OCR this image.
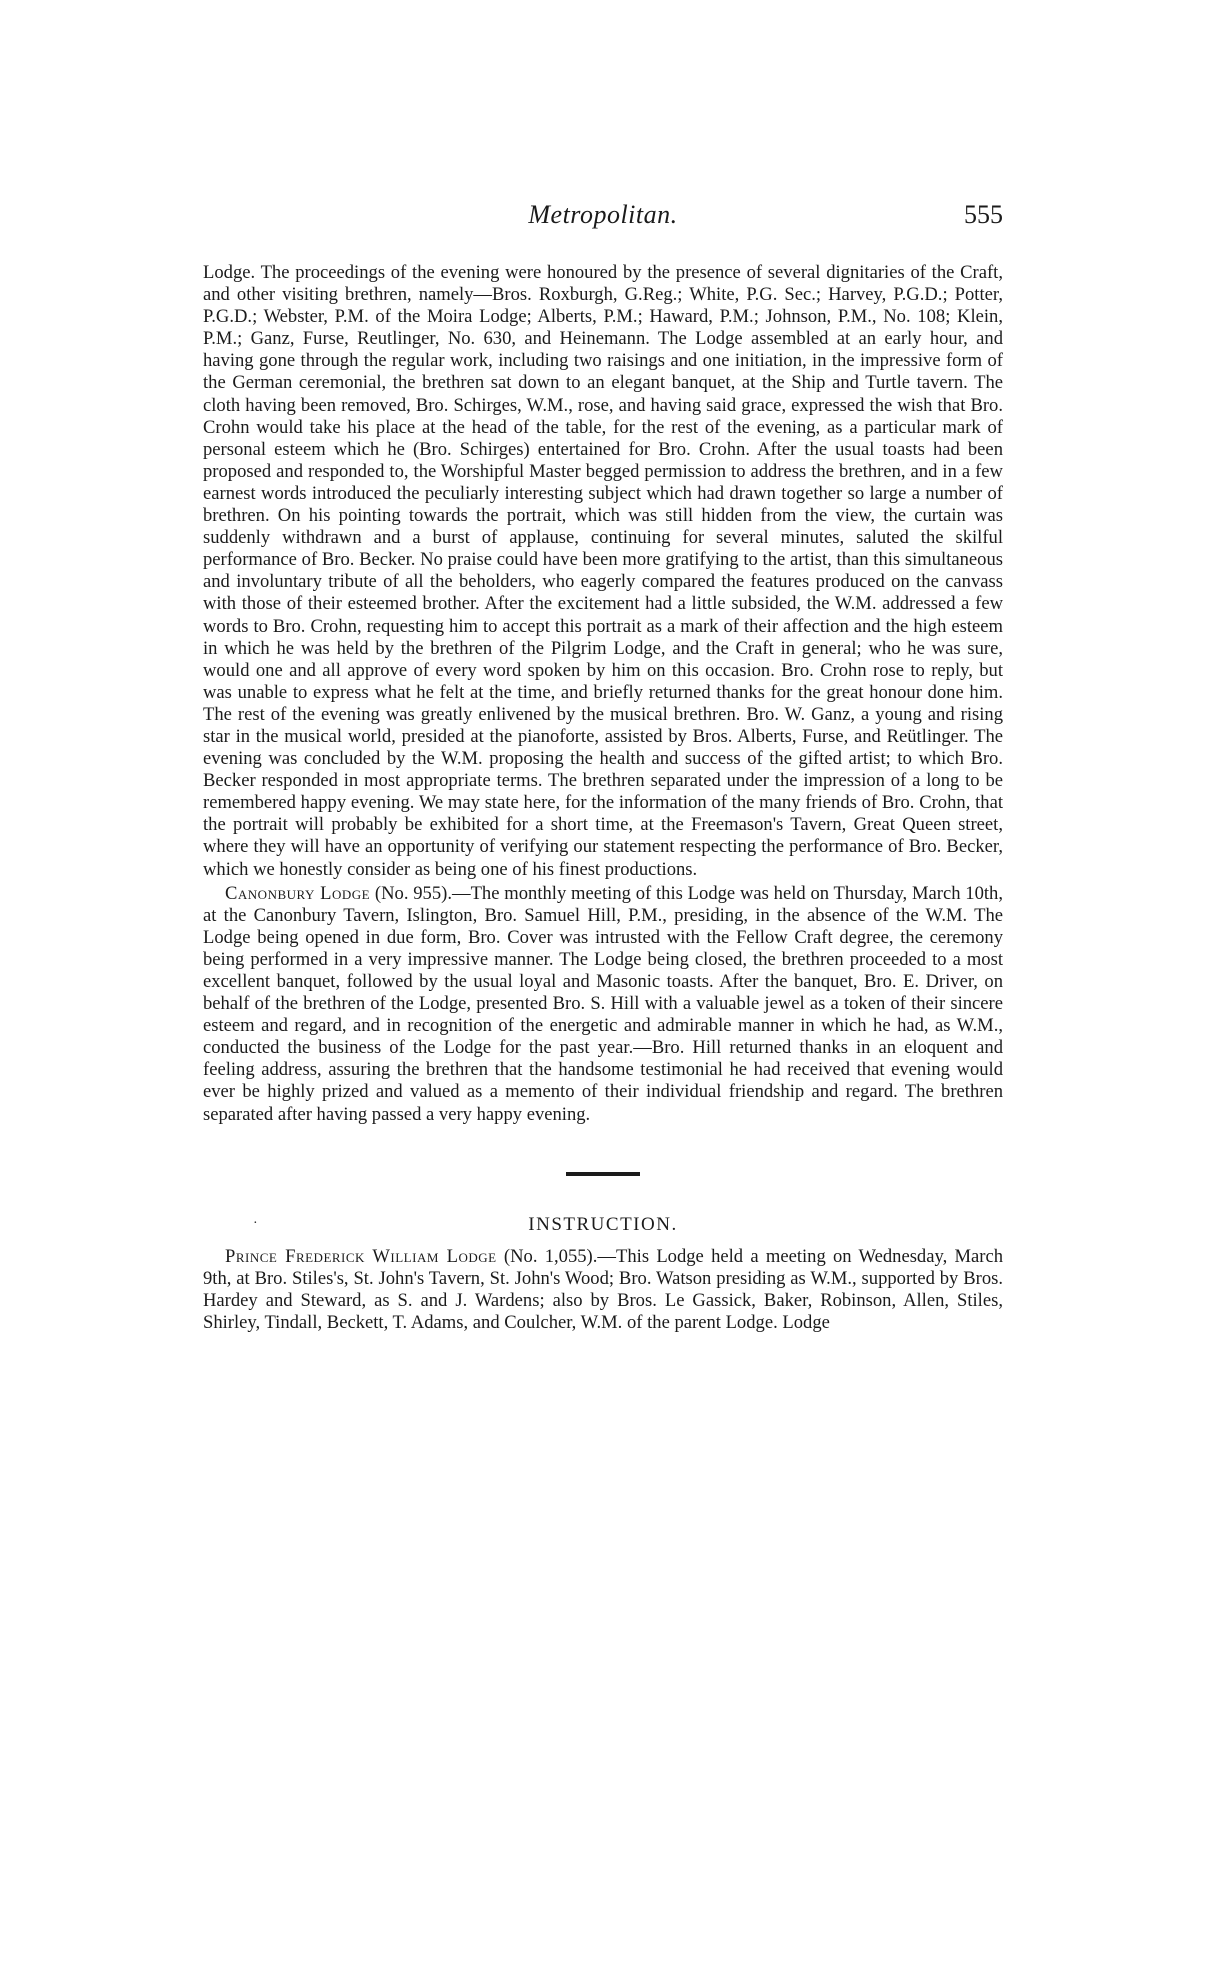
Metropolitan.	555

Lodge. The proceedings of the evening were honoured by the presence of several dignitaries of the Craft, and other visiting brethren, namely—Bros. Roxburgh, G.Reg.; White, P.G. Sec.; Harvey, P.G.D.; Potter, P.G.D.; Webster, P.M. of the Moira Lodge; Alberts, P.M.; Haward, P.M.; Johnson, P.M., No. 108; Klein, P.M.; Ganz, Furse, Reutlinger, No. 630, and Heinemann. The Lodge assembled at an early hour, and having gone through the regular work, including two raisings and one initiation, in the impressive form of the German ceremonial, the brethren sat down to an elegant banquet, at the Ship and Turtle tavern. The cloth having been removed, Bro. Schirges, W.M., rose, and having said grace, expressed the wish that Bro. Crohn would take his place at the head of the table, for the rest of the evening, as a particular mark of personal esteem which he (Bro. Schirges) entertained for Bro. Crohn. After the usual toasts had been proposed and responded to, the Worshipful Master begged permission to address the brethren, and in a few earnest words introduced the peculiarly interesting subject which had drawn together so large a number of brethren. On his pointing towards the portrait, which was still hidden from the view, the curtain was suddenly withdrawn and a burst of applause, continuing for several minutes, saluted the skilful performance of Bro. Becker. No praise could have been more gratifying to the artist, than this simultaneous and involuntary tribute of all the beholders, who eagerly compared the features produced on the canvass with those of their esteemed brother. After the excitement had a little subsided, the W.M. addressed a few words to Bro. Crohn, requesting him to accept this portrait as a mark of their affection and the high esteem in which he was held by the brethren of the Pilgrim Lodge, and the Craft in general; who he was sure, would one and all approve of every word spoken by him on this occasion. Bro. Crohn rose to reply, but was unable to express what he felt at the time, and briefly returned thanks for the great honour done him. The rest of the evening was greatly enlivened by the musical brethren. Bro. W. Ganz, a young and rising star in the musical world, presided at the pianoforte, assisted by Bros. Alberts, Furse, and Reütlinger. The evening was concluded by the W.M. proposing the health and success of the gifted artist; to which Bro. Becker responded in most appropriate terms. The brethren separated under the impression of a long to be remembered happy evening. We may state here, for the information of the many friends of Bro. Crohn, that the portrait will probably be exhibited for a short time, at the Freemason's Tavern, Great Queen street, where they will have an opportunity of verifying our statement respecting the performance of Bro. Becker, which we honestly consider as being one of his finest productions.

Canonbury Lodge (No. 955).—The monthly meeting of this Lodge was held on Thursday, March 10th, at the Canonbury Tavern, Islington, Bro. Samuel Hill, P.M., presiding, in the absence of the W.M. The Lodge being opened in due form, Bro. Cover was intrusted with the Fellow Craft degree, the ceremony being performed in a very impressive manner. The Lodge being closed, the brethren proceeded to a most excellent banquet, followed by the usual loyal and Masonic toasts. After the banquet, Bro. E. Driver, on behalf of the brethren of the Lodge, presented Bro. S. Hill with a valuable jewel as a token of their sincere esteem and regard, and in recognition of the energetic and admirable manner in which he had, as W.M., conducted the business of the Lodge for the past year.—Bro. Hill returned thanks in an eloquent and feeling address, assuring the brethren that the handsome testimonial he had received that evening would ever be highly prized and valued as a memento of their individual friendship and regard. The brethren separated after having passed a very happy evening.

·	INSTRUCTION.

Prince Frederick William Lodge (No. 1,055).—This Lodge held a meeting on Wednesday, March 9th, at Bro. Stiles's, St. John's Tavern, St. John's Wood; Bro. Watson presiding as W.M., supported by Bros. Hardey and Steward, as S. and J. Wardens; also by Bros. Le Gassick, Baker, Robinson, Allen, Stiles, Shirley, Tindall, Beckett, T. Adams, and Coulcher, W.M. of the parent Lodge. Lodge
